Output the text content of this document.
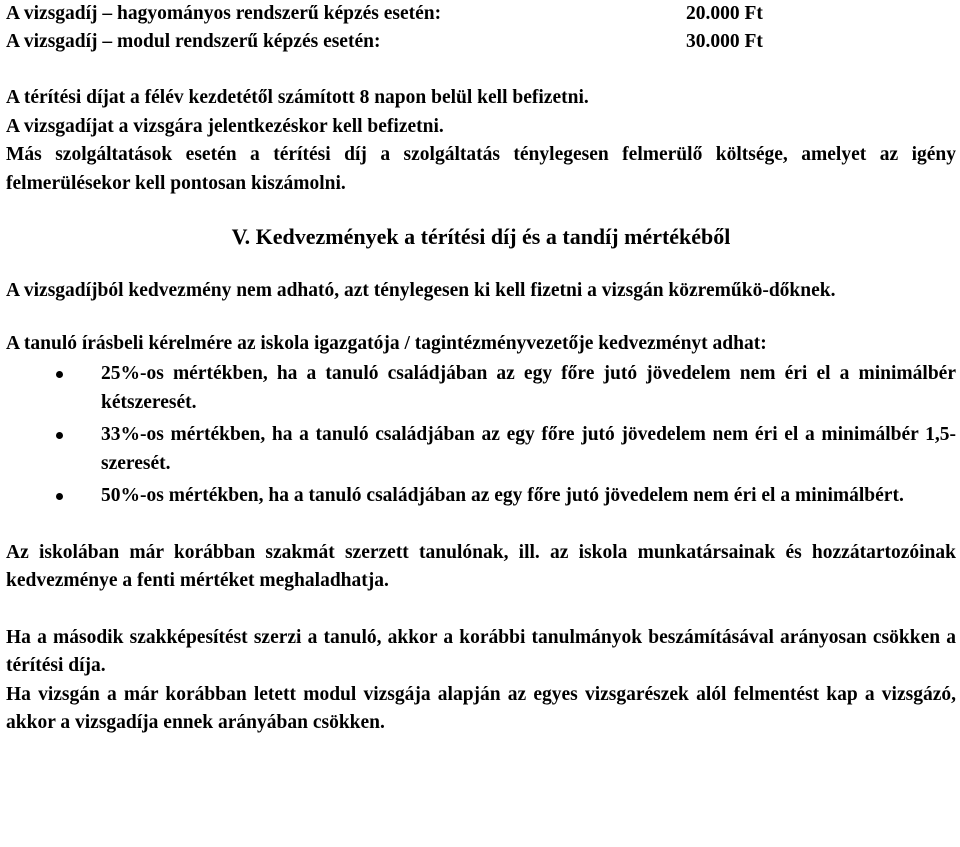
A vizsgadíj – hagyományos rendszerű képzés esetén:	20.000 Ft
A vizsgadíj – modul rendszerű képzés esetén:	30.000 Ft

A térítési díjat a félév kezdetétől számított 8 napon belül kell befizetni.

A vizsgadíjat a vizsgára jelentkezéskor kell befizetni.

Más szolgáltatások esetén a térítési díj a szolgáltatás ténylegesen felmerülő költsége, amelyet az igény felmerülésekor kell pontosan kiszámolni.

V. Kedvezmények a térítési díj és a tandíj mértékéből

A vizsgadíjból kedvezmény nem adható, azt ténylegesen ki kell fizetni a vizsgán közreműkö-dőknek.

A tanuló írásbeli kérelmére az iskola igazgatója / tagintézményvezetője kedvezményt adhat:

25%-os mértékben, ha a tanuló családjában az egy főre jutó jövedelem nem éri el a minimálbér kétszeresét.
33%-os mértékben, ha a tanuló családjában az egy főre jutó jövedelem nem éri el a minimálbér 1,5-szeresét.
50%-os mértékben, ha a tanuló családjában az egy főre jutó jövedelem nem éri el a minimálbért.

Az iskolában már korábban szakmát szerzett tanulónak, ill. az iskola munkatársainak és hozzátartozóinak kedvezménye a fenti mértéket meghaladhatja.

Ha a második szakképesítést szerzi a tanuló, akkor a korábbi tanulmányok beszámításával arányosan csökken a térítési díja.

Ha vizsgán a már korábban letett modul vizsgája alapján az egyes vizsgarészek alól felmentést kap a vizsgázó, akkor a vizsgadíja ennek arányában csökken.
